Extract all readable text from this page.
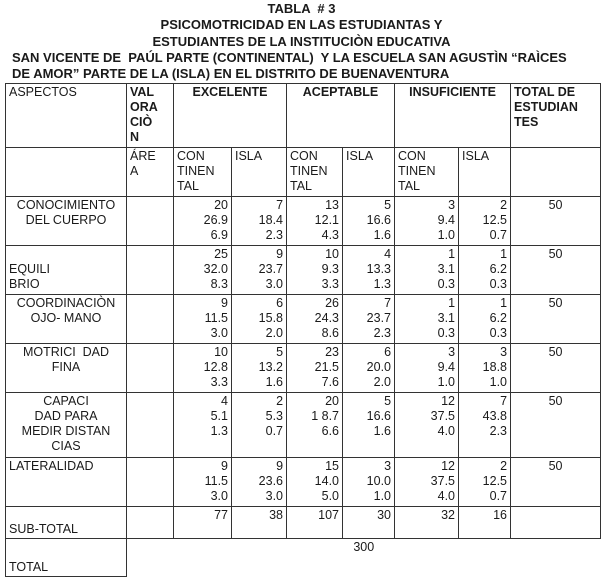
TABLA  # 3
PSICOMOTRICIDAD EN LAS ESTUDIANTAS Y
ESTUDIANTES DE LA INSTITUCIÒN EDUCATIVA
SAN VICENTE DE  PAÚL PARTE (CONTINENTAL)  Y LA ESCUELA SAN AGUSTÌN “RAÌCES
DE AMOR” PARTE DE LA (ISLA) EN EL DISTRITO DE BUENAVENTURA
ASPECTOS	VAL
ORA
CIÒ
N	EXCELENTE		ACEPTABLE		INSUFICIENTE		TOTAL DE
ESTUDIAN
TES
	ÁRE
A	CON
TINEN
TAL	ISLA	CON
TINEN
TAL	ISLA	CON
TINEN
TAL	ISLA	
CONOCIMIENTO
DEL CUERPO		20
26.9
6.9	7
18.4
2.3	13
12.1
4.3	5
16.6
1.6	3
9.4
1.0	2
12.5
0.7	50

EQUILI
BRIO		25
32.0
8.3	9
23.7
3.0	10
9.3
3.3	4
13.3
1.3	1
3.1
0.3	1
6.2
0.3	50
COORDINACIÒN
OJO- MANO		9
11.5
3.0	6
15.8
2.0	26
24.3
8.6	7
23.7
2.3	1
3.1
0.3	1
6.2
0.3	50
MOTRICI  DAD
FINA		10
12.8
3.3	5
13.2
1.6	23
21.5
7.6	6
20.0
2.0	3
9.4
1.0	3
18.8
1.0	50
CAPACI
DAD PARA
MEDIR DISTAN
CIAS		4
5.1
1.3	2
5.3
0.7	20
1 8.7
6.6	5
16.6
1.6	12
37.5
4.0	7
43.8
2.3	50
LATERALIDAD		9
11.5
3.0	9
23.6
3.0	15
14.0
5.0	3
10.0
1.0	12
37.5
4.0	2
12.5
0.7	50
SUB-TOTAL		77	38	107	30	32	16	
TOTAL	300							
